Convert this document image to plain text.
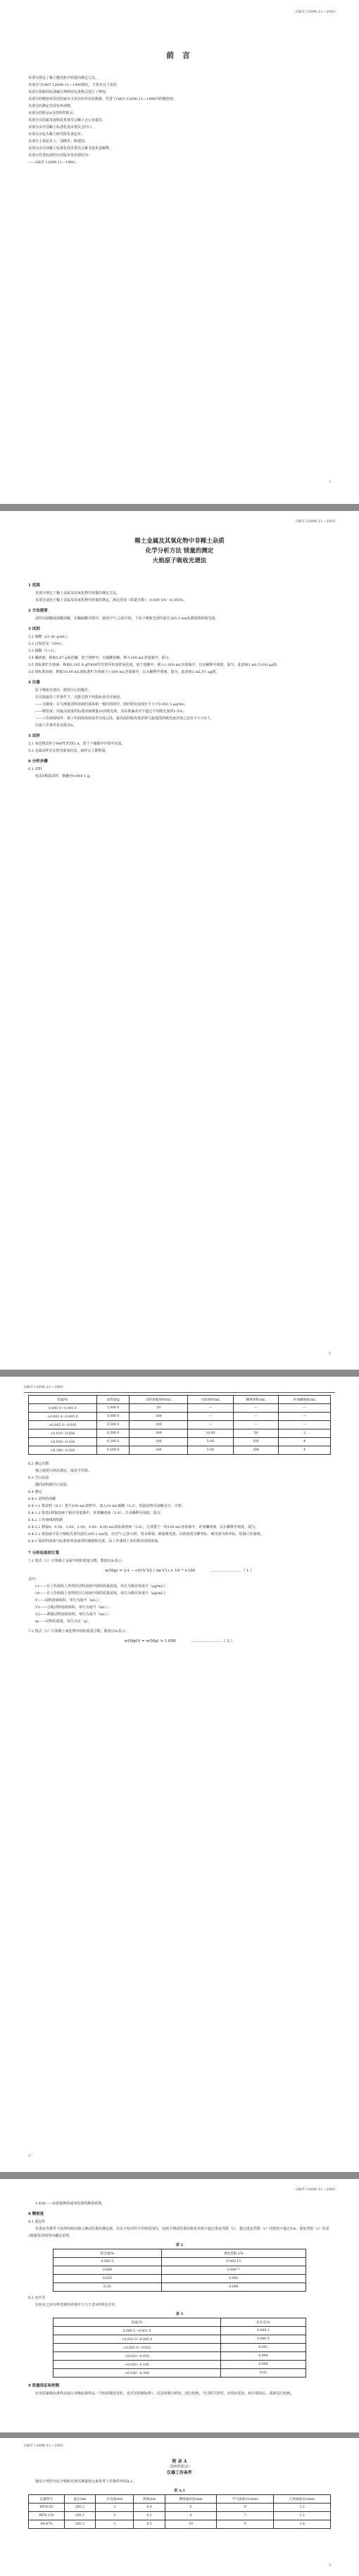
GB/T 12690.11—2003
前 言

本部分规定了稀土抛光粉中镁量的测定方法。

本部分与GB/T 12690.11—1990相比，主要有以下变化：

本部分按新的标准编写规则对标准格式进行了修改；

本部分的精密度采用国家有关单位协作实验数据，代替了GB/T 12690.11—1990中的精密度；

本部分的测定范围有所调整。

本部分的附录A为资料性附录。

本部分由国家发展和改革委员会稀土办公室提出。

本部分由全国稀土标准化技术委员会归口。

本部分由包头稀土研究院负责起草。

本部分主要起草人：刘晓杰、陈建国。

本部分由全国稀土标准化技术委员会秘书处负责解释。

本部分代替标准的历次版本发布情况为：

——GB/T 12690.11—1990。

I
GB/T 12690.11—2003
稀土金属及其氧化物中非稀土杂质
化学分析方法 镁量的测定
火焰原子吸收光谱法

1 范围

本部分规定了稀土金属及其氧化物中镁量的测定方法。

本部分适用于稀土金属及其氧化物中镁量的测定，测定范围（质量分数）：0.000 5%～0.300%。

2 方法提要

试样以硝酸或盐酸溶解，在稀硝酸介质中，使用空气-乙炔火焰，于原子吸收光谱仪波长285.2 nm处测量镁的吸光度。

3 试剂

3.1 硝酸（ρ1.42 g/mL）。

3.2 过氧化氢（30%）。

3.3 硝酸（1+1）。

3.4 镧溶液：称取5.87 g氧化镧，置于烧杯中，以硝酸溶解，移入100 mL容量瓶中，混匀。

3.5 镁标准贮存溶液：称取0.165 8 g经800℃灼烧至恒量的氧化镁，溶于盐酸中，移入1 000 mL容量瓶中，以水稀释至刻度，混匀。此溶液1 mL含100 μg镁。

3.6 镁标准溶液：移取10.00 mL镁标准贮存溶液于1 000 mL容量瓶中，以水稀释至刻度，混匀。此溶液1 mL含1 μg镁。

4 仪器

原子吸收光谱仪，附镁空心阴极灯。

在仪器最佳工作条件下，凡能达到下列指标者均可使用。

——灵敏度：在与测量试料溶液的基体相一致的溶液中，镁的特征浓度应不大于0.003 5 μg/mL；

——精密度：用最高浓度的标准溶液测量10次吸光度，其标准偏差应不超过平均吸光度的1.5%；

——工作曲线线性：将工作曲线按浓度等分成五段，最高段的吸光度差值与最低段的吸光度差值之比应不小于0.7。

仪器工作条件参见附录A。

5 试样

5.1 氧化物试样于900℃灼烧1 h，置于干燥器中冷却至室温。

5.2 金属试样应去掉表面氧化层，取样后立即称量。

6 分析步骤

6.1 试料

按表1称取试样，精确至0.000 1 g。

1
GB/T 12690.11—2003
镁量/%	试料量/g	试料溶液体积/mL	分取体积/mL	稀释体积/mL	补加镧溶液/mL
0.000 5～0.001 0	1.000 0	50	—	—	—
>0.001 0～0.005 0	1.000 0	100	—	—	—
>0.005 0～0.010	0.500 0	100	—	—	—
>0.010～0.050	0.200 0	100	10.00	50	2
>0.050～0.100	0.200 0	100	5.00	100	4
>0.100～0.300	0.100 0	100	5.00	200	4

6.2 测定次数

独立地进行两次测定，取其平均值。

6.3 空白试验

随同试料做空白试验。

6.4 测定

6.4.1 试料的溶解

6.4.1.1 将试料（6.1）置于100 mL烧杯中，加入10 mL硝酸（3.3），低温加热至溶解完全，冷却。

6.4.1.2 按表1移取溶液于相应容量瓶中，补加镧溶液（3.4），以水稀释至刻度，混匀。

6.4.2 工作曲线的绘制

6.4.2.1 移取0、0.50、1.00、2.00、3.00、4.00 mL镁标准溶液（3.6），分别置于一组100 mL容量瓶中，补加镧溶液，以水稀释至刻度，混匀。

6.4.2.2 将溶液于原子吸收光谱仪波长285.2 nm处，以空气-乙炔火焰，用水调零，测量吸光度。以镁浓度为横坐标、吸光度为纵坐标，绘制工作曲线。

6.4.3 将试料溶液与标准系列溶液同时测量吸光度，从工作曲线上查出相应的镁浓度。

7 分析结果的计算

7.1 按式（1）计算稀土金属中镁的质量分数，数值以%表示：

w(Mg) = (c1 − c0)·V·V2 / (m·V1) × 10⁻⁴ ×100	……………………（ 1 ）

式中：

c1——自工作曲线上查得的试料溶液中镁的质量浓度，单位为微克每毫升（μg/mL）；

c0——自工作曲线上查得的空白溶液中镁的质量浓度，单位为微克每毫升（μg/mL）；

V——试料溶液体积，单位为毫升（mL）；

V1——分取试料溶液体积，单位为毫升（mL）；

V2——测量试料溶液体积，单位为毫升（mL）；

m——试料的质量，单位为克（g）。

7.2 按式（2）计算稀土氧化物中镁的质量分数，数值以%表示：

w(MgO) = w(Mg) × 1.658	……………………（ 2 ）
2
GB/T 12690.11—2003

1.658——由镁量换算成氧化镁的换算系数。

8 精密度

8.1 重复性

在重复性条件下获得的两次独立测试结果的测定值，在以下给出的平均值范围内，这两个测试结果的绝对差值不超过重复性限（r），超过重复性限（r）的情况不超过5%。重复性限（r）按表2数据采用线性内插法求得。

表 2
镁含量/%	重复性限 r/%
0.000 5	0.000 15
0.008	0.000 7
0.035	0.002
0.30	0.009

8.2 允许差

实验室之间分析结果的差值应不大于表3所列允许差。

表 3
镁量/%	允许差/%
0.000 5～0.001 0	0.000 2
>0.001 0～0.005 0	0.000 5
>0.005 0～0.010	0.001
>0.010～0.050	0.004
>0.050～0.100	0.008
>0.100～0.300	0.02

9 质量保证和控制

应用国家级标准样品或行业级标准样品（当两者都没有时，也可用控制标样），以及仲裁分析时，进行校核。当过程失控时，应找出原因，纠正错误后，重新进行校核。

GB/T 12690.11—2003
附 录 A
（资料性附录）
仪器工作条件

使用下列型号原子吸收光谱仪测量镁元素参考工作条件列表A.1。

表 A.1
仪器型号	波长/nm	灯电流/mA	狭缝/nm	燃烧器高度/mm	空气流量/(L/min)	乙炔流量/(L/min)
WFX-1D	285.2	3	0.4	5	9	1.5
WFX-110	285.2	3	0.2	8	7	1.2
AA-670	285.2	3	0.5	10	9	1.8
3
